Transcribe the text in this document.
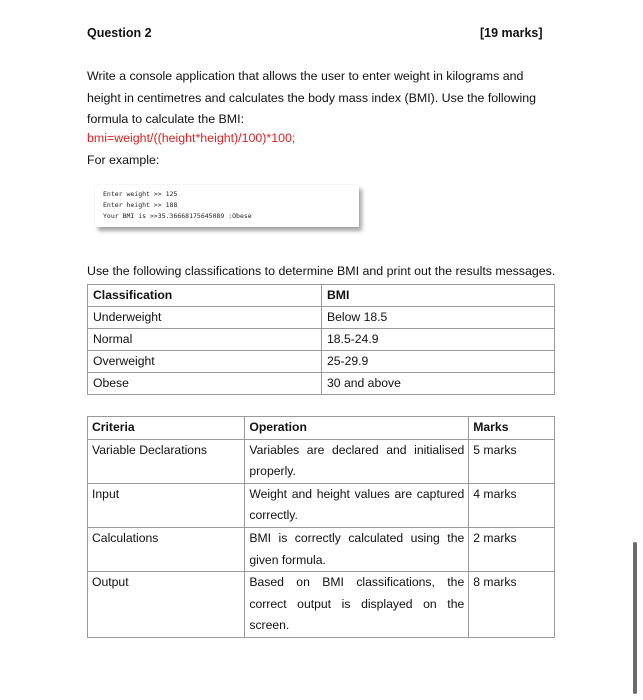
Question 2	[19 marks]
Write a console application that allows the user to enter weight in kilograms and height in centimetres and calculates the body mass index (BMI). Use the following formula to calculate the BMI:
bmi=weight/((height*height)/100)*100;
For example:
Enter weight >> 125
Enter height >> 188
Your BMI is >>35.36668175645089 :Obese
Use the following classifications to determine BMI and print out the results messages.
Classification	BMI
Underweight	Below 18.5
Normal	18.5-24.9
Overweight	25-29.9
Obese	30 and above
Criteria	Operation	Marks
Variable Declarations	Variables are declared and initialised properly.	5 marks
Input	Weight and height values are captured correctly.	4 marks
Calculations	BMI is correctly calculated using the given formula.	2 marks
Output	Based on BMI classifications, the correct output is displayed on the screen.	8 marks
